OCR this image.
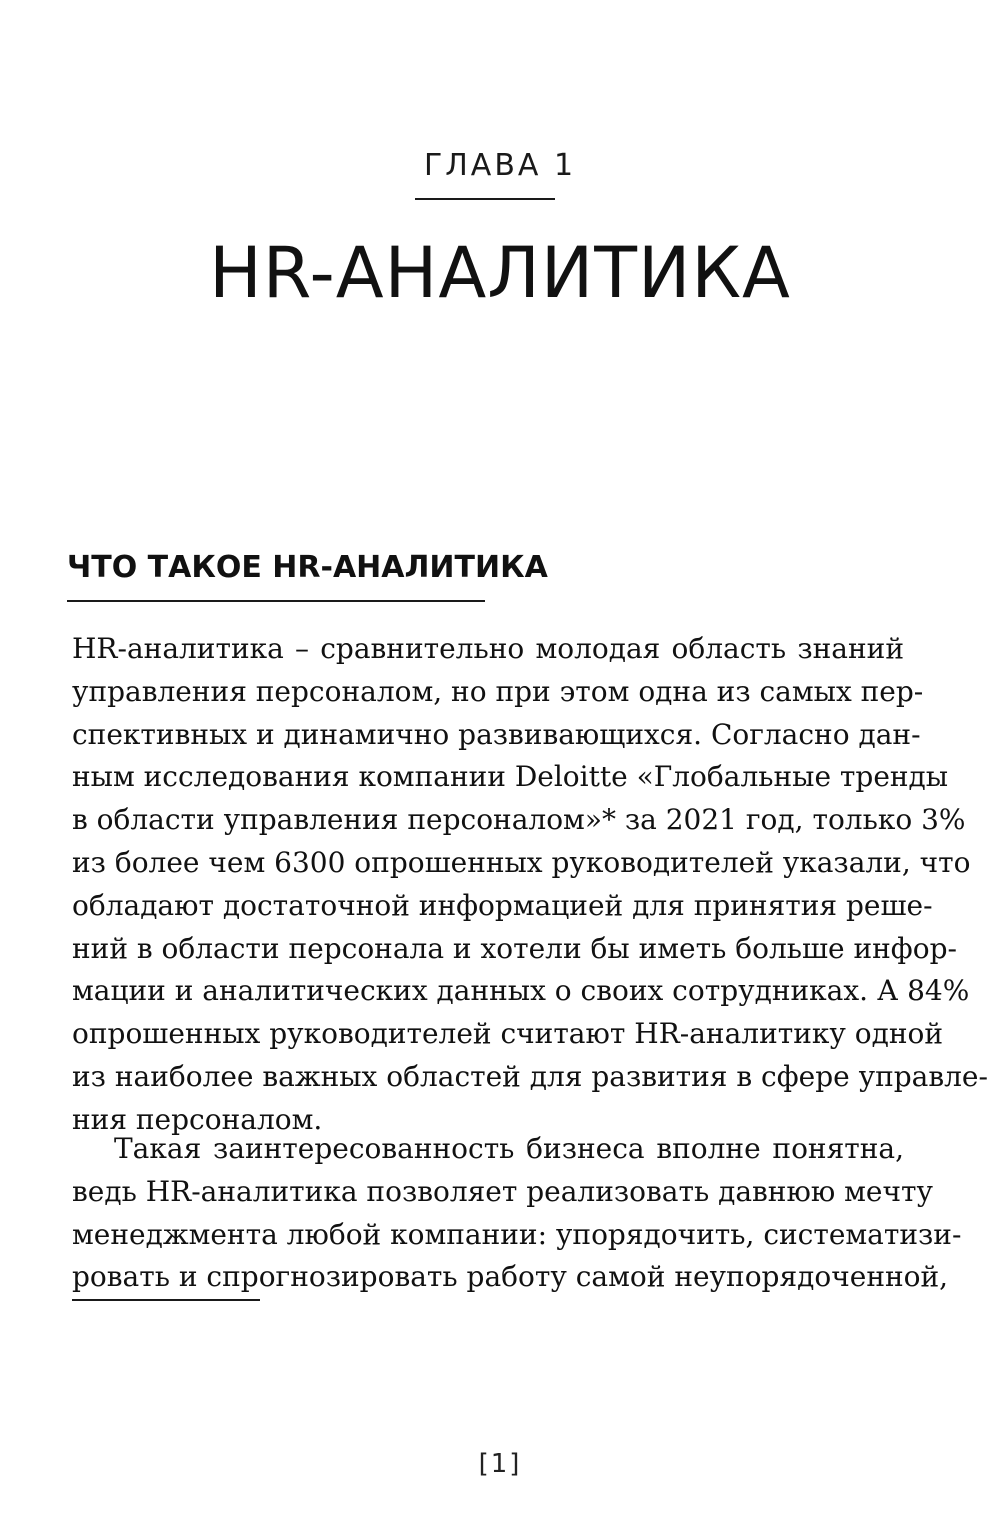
ГЛАВА 1
HR-АНАЛИТИКА
ЧТО ТАКОЕ HR-АНАЛИТИКА
HR-аналитика – сравнительно молодая область знаний
управления персоналом, но при этом одна из самых пер-
спективных и динамично развивающихся. Согласно дан-
ным исследования компании Deloitte «Глобальные тренды
в области управления персоналом»* за 2021 год, только 3%
из более чем 6300 опрошенных руководителей указали, что
обладают достаточной информацией для принятия реше-
ний в области персонала и хотели бы иметь больше инфор-
мации и аналитических данных о своих сотрудниках. А 84%
опрошенных руководителей считают HR-аналитику одной
из наиболее важных областей для развития в сфере управле-
ния персоналом.
Такая заинтересованность бизнеса вполне понятна,
ведь HR-аналитика позволяет реализовать давнюю мечту
менеджмента любой компании: упорядочить, систематизи-
ровать и спрогнозировать работу самой неупорядоченной,
[1]
